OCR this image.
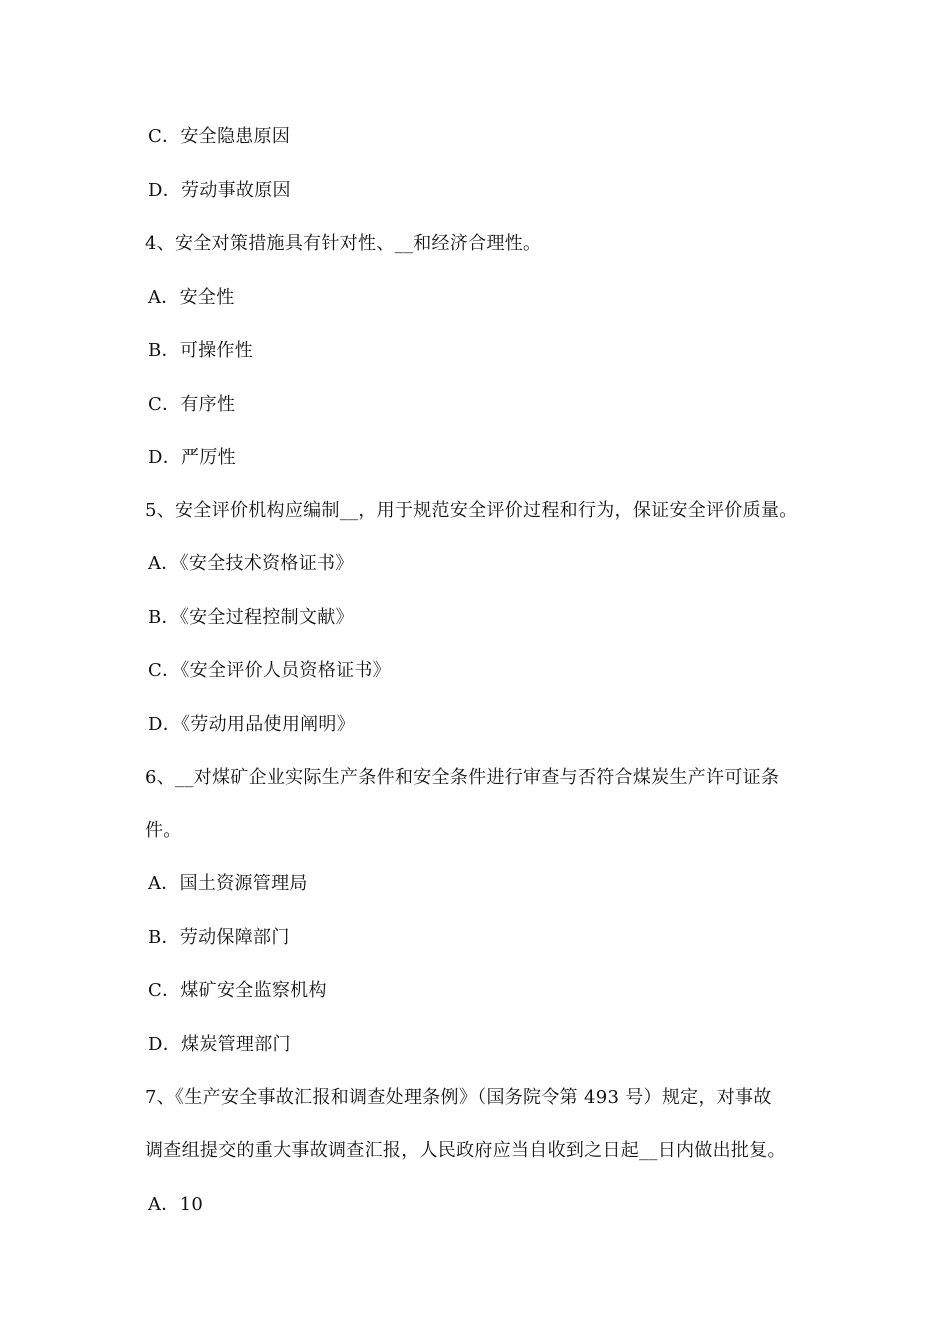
C．安全隐患原因
D．劳动事故原因
4、安全对策措施具有针对性、__和经济合理性。
A．安全性
B．可操作性
C．有序性
D．严厉性
5、安全评价机构应编制__，用于规范安全评价过程和行为，保证安全评价质量。
A．《安全技术资格证书》
B．《安全过程控制文献》
C．《安全评价人员资格证书》
D．《劳动用品使用阐明》
6、__对煤矿企业实际生产条件和安全条件进行审查与否符合煤炭生产许可证条
件。
A．国土资源管理局
B．劳动保障部门
C．煤矿安全监察机构
D．煤炭管理部门
7、《生产安全事故汇报和调查处理条例》（国务院令第 493 号）规定，对事故
调查组提交的重大事故调查汇报，人民政府应当自收到之日起__日内做出批复。
A．10
